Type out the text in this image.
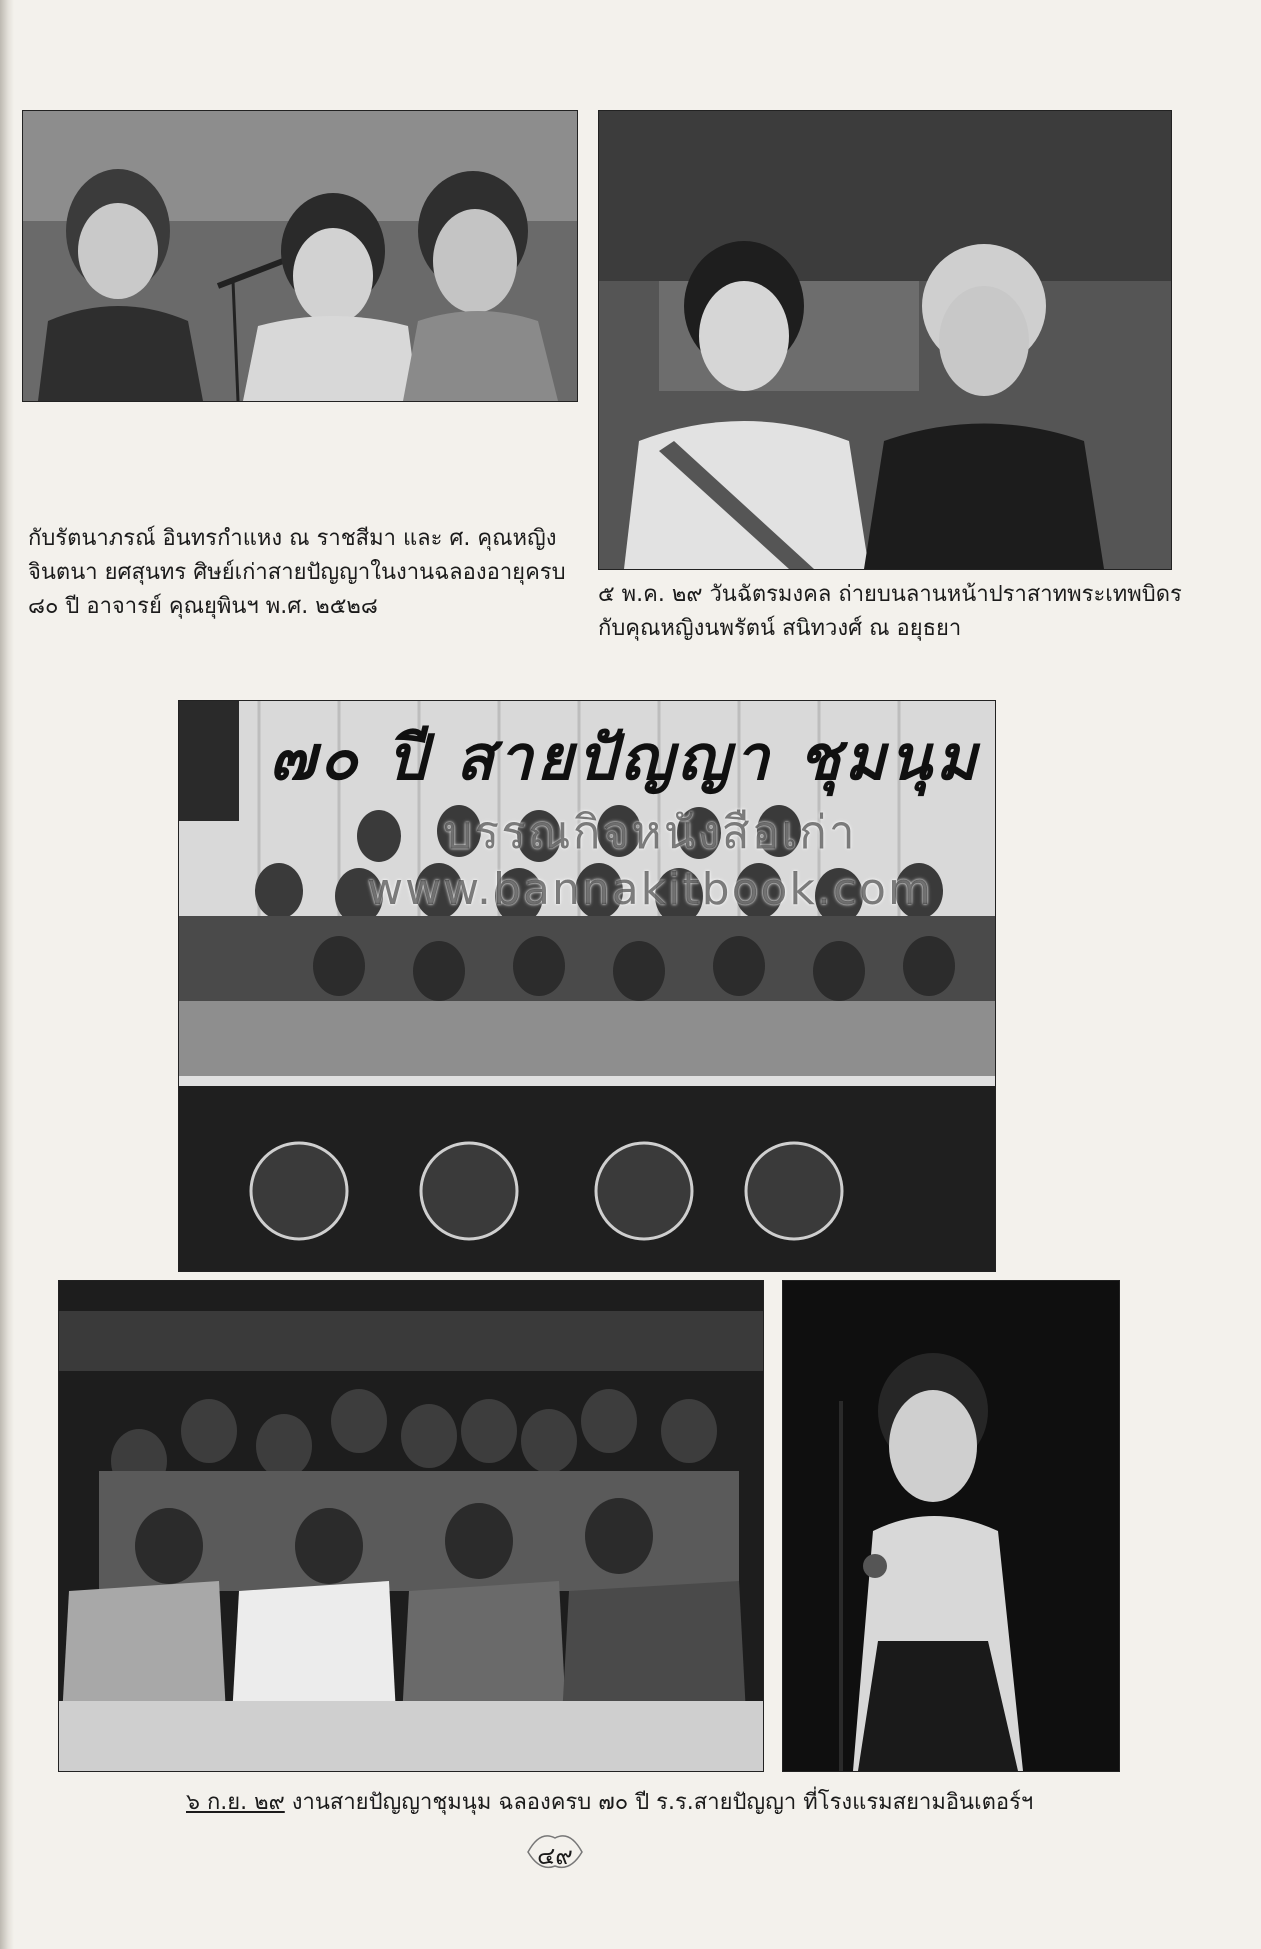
กับรัตนาภรณ์ อินทรกำแหง ณ ราชสีมา และ ศ. คุณหญิง
จินตนา ยศสุนทร ศิษย์เก่าสายปัญญาในงานฉลองอายุครบ
๘๐ ปี อาจารย์ คุณยุพินฯ พ.ศ. ๒๕๒๘	๕ พ.ค. ๒๙ วันฉัตรมงคล ถ่ายบนลานหน้าปราสาทพระเทพบิดร
กับคุณหญิงนพรัตน์ สนิทวงศ์ ณ อยุธยา
๗๐ ปี สายปัญญา ชุมนุม
บรรณกิจหนังสือเก่า
www.bannakitbook.com
๖ ก.ย. ๒๙ งานสายปัญญาชุมนุม ฉลองครบ ๗๐ ปี ร.ร.สายปัญญา ที่โรงแรมสยามอินเตอร์ฯ
๔๙
